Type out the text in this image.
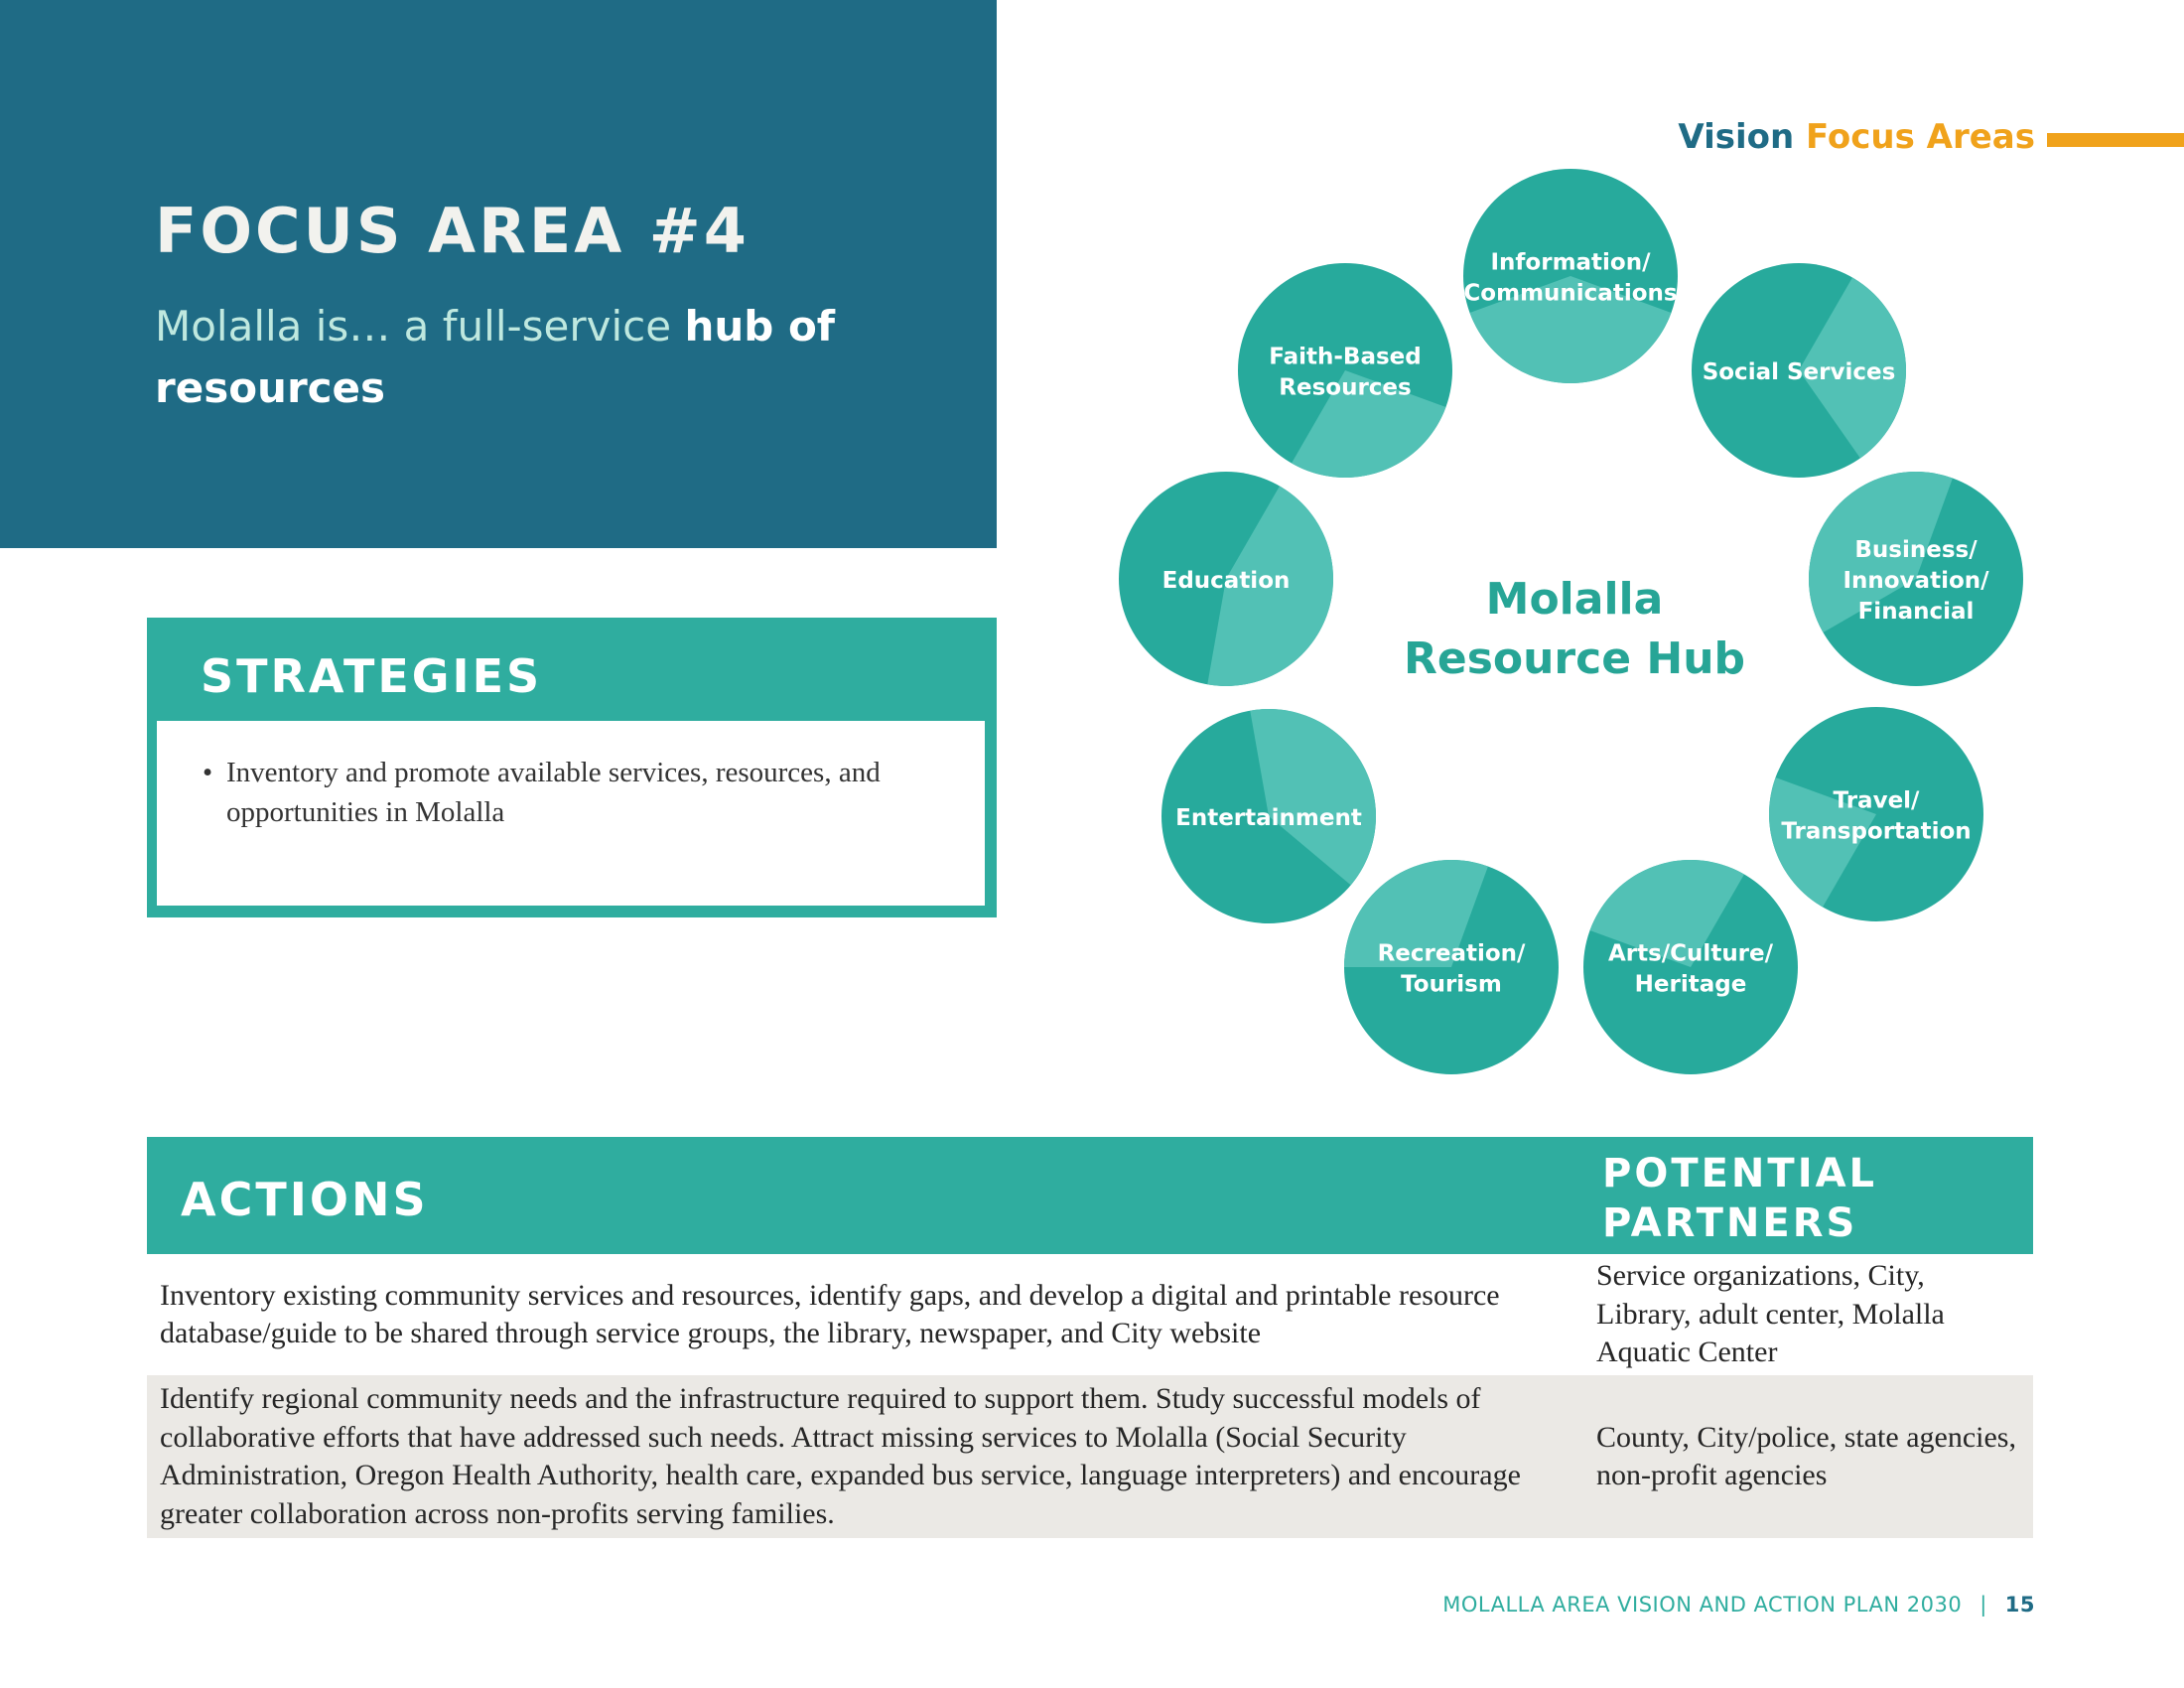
FOCUS AREA #4
Molalla is… a full-service hub of resources
Vision Focus Areas
STRATEGIES
• Inventory and promote available services, resources, and opportunities in Molalla
Molalla
Resource Hub
Information/
Communications
Social Services
Business/
Innovation/
Financial
Travel/
Transportation
Arts/Culture/
Heritage
Recreation/
Tourism
Entertainment
Education
Faith-Based
Resources
ACTIONS	POTENTIAL PARTNERS
Inventory existing community services and resources, identify gaps, and develop a digital and printable resource database/guide to be shared through service groups, the library, newspaper, and City website
Service organizations, City, Library, adult center, Molalla Aquatic Center
Identify regional community needs and the infrastructure required to support them. Study successful models of collaborative efforts that have addressed such needs. Attract missing services to Molalla (Social Security Administration, Oregon Health Authority, health care, expanded bus service, language interpreters) and encourage greater collaboration across non-profits serving families.
County, City/police, state agencies, non-profit agencies
MOLALLA AREA VISION AND ACTION PLAN 2030 | 15
